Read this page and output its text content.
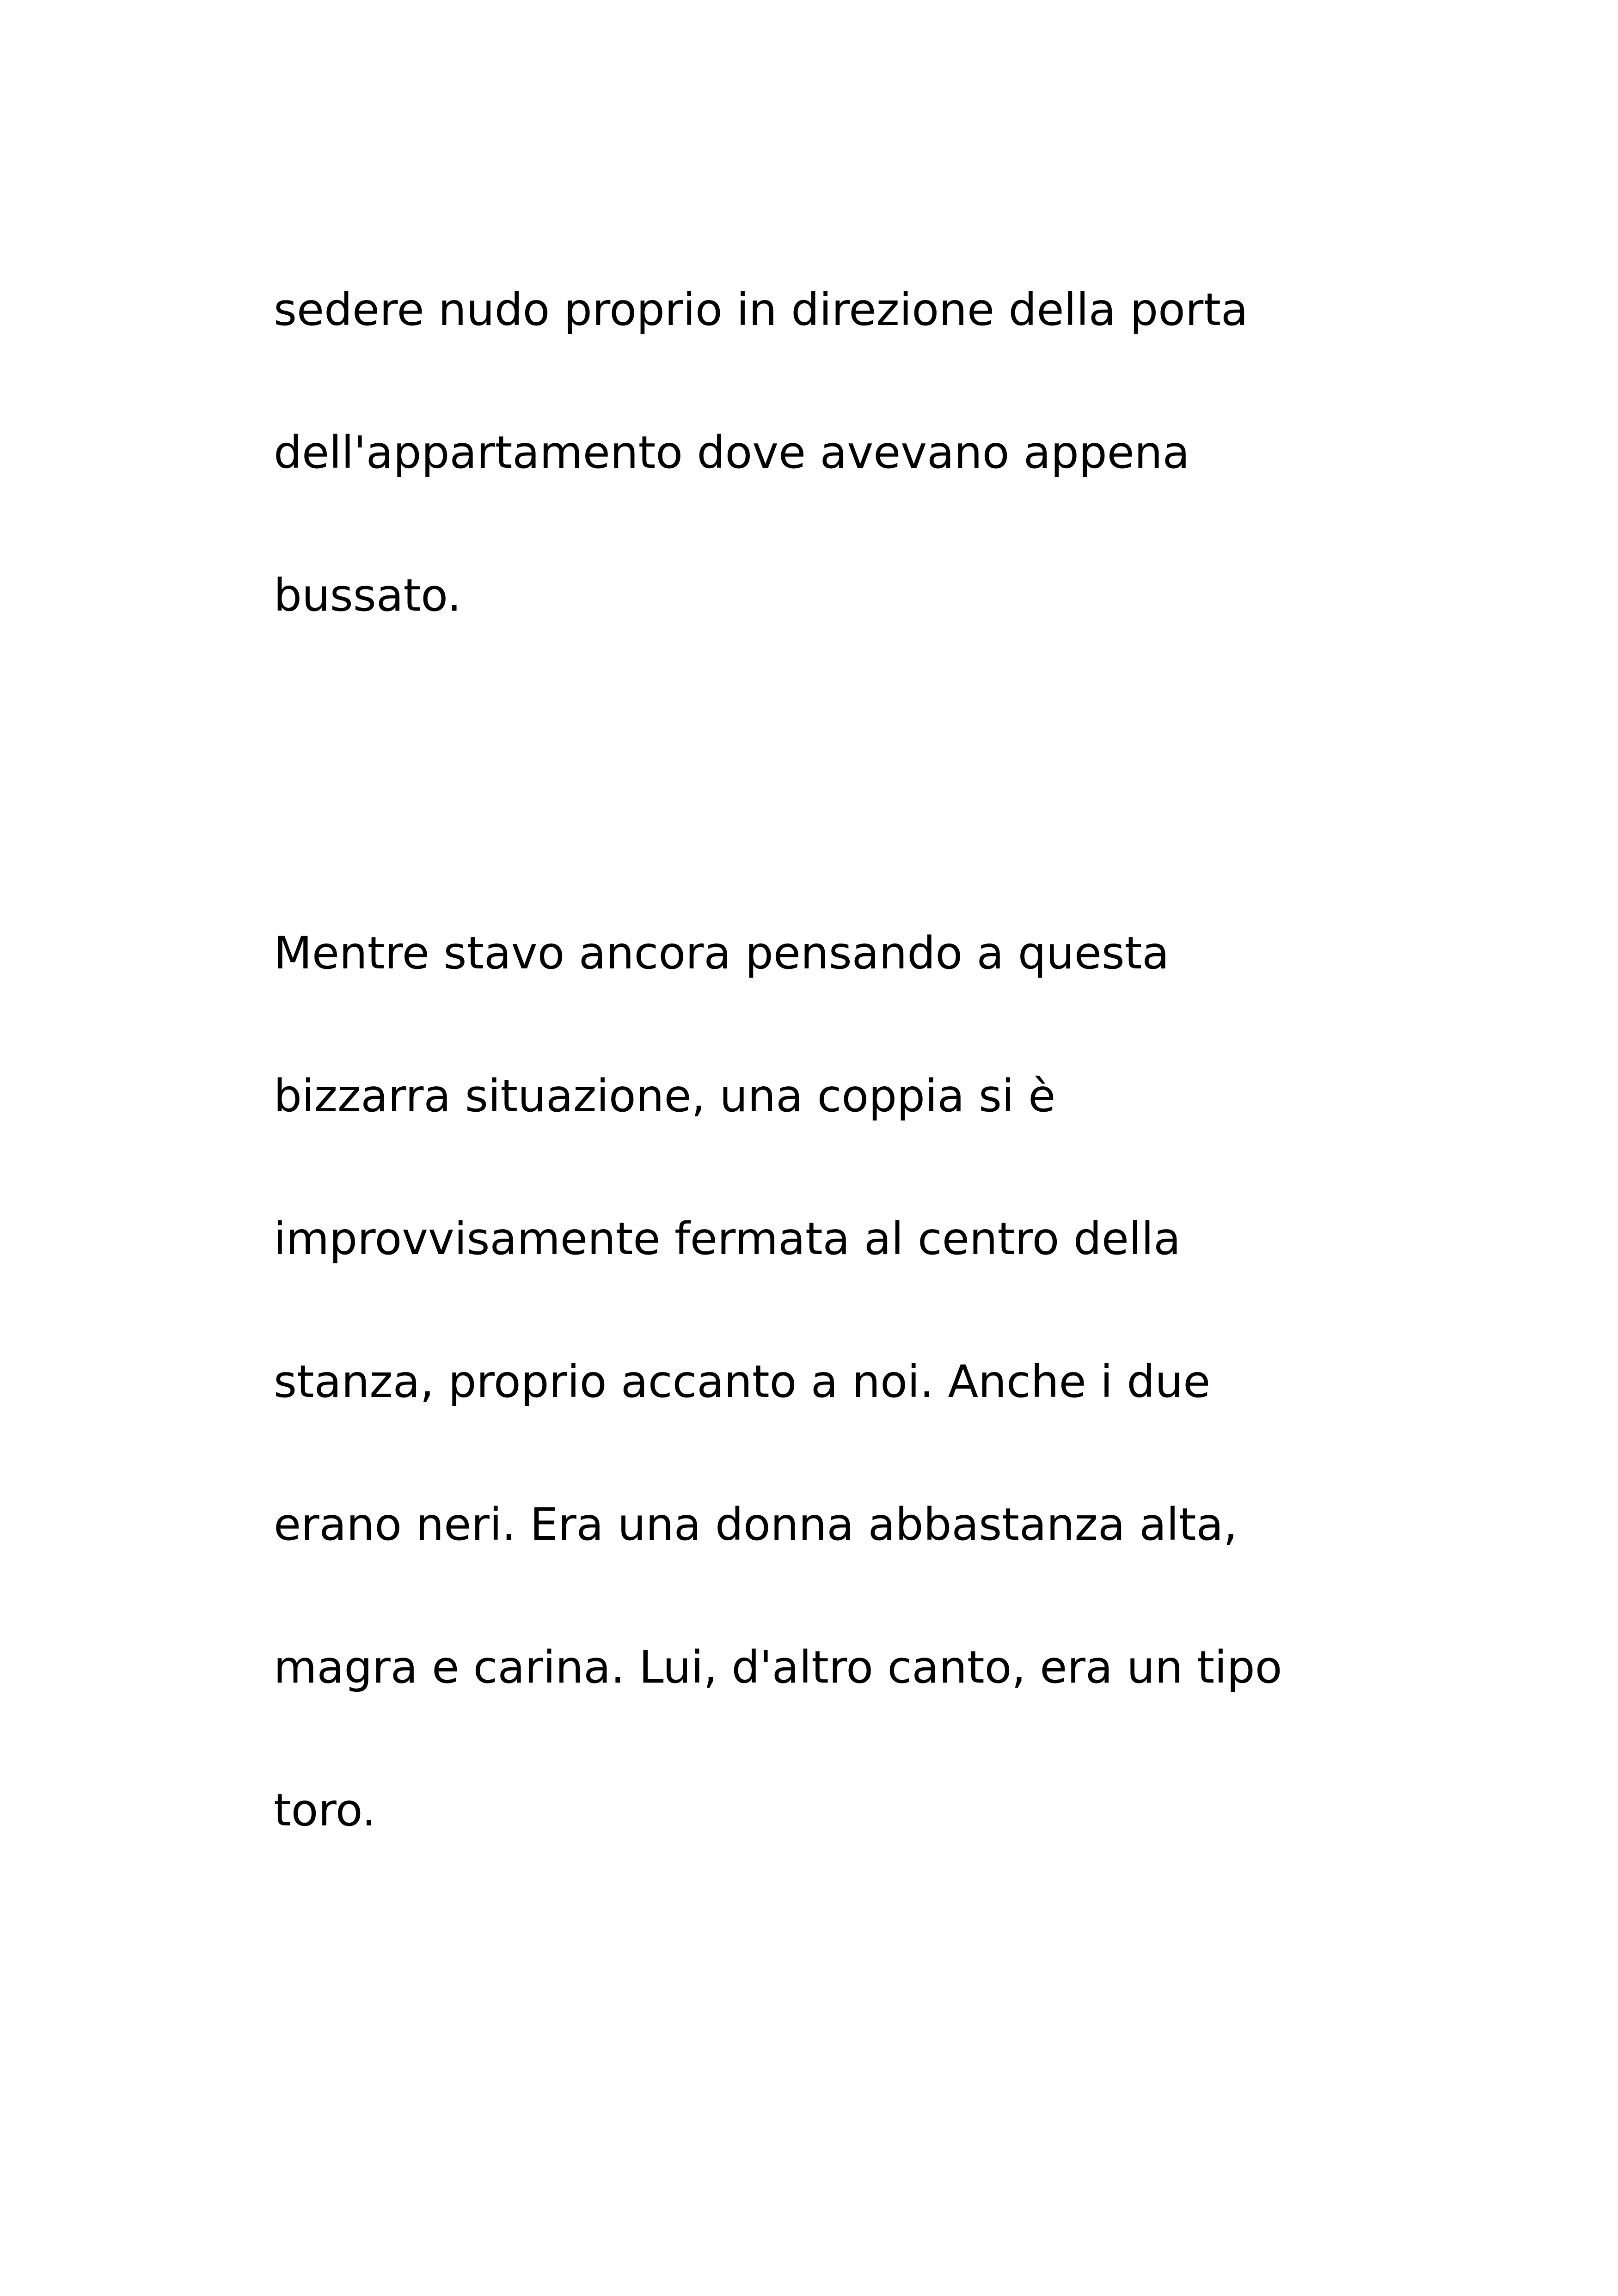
sedere nudo proprio in direzione della porta

dell'appartamento dove avevano appena

bussato.

Mentre stavo ancora pensando a questa

bizzarra situazione, una coppia si è

improvvisamente fermata al centro della

stanza, proprio accanto a noi. Anche i due

erano neri. Era una donna abbastanza alta,

magra e carina. Lui, d'altro canto, era un tipo

toro.
